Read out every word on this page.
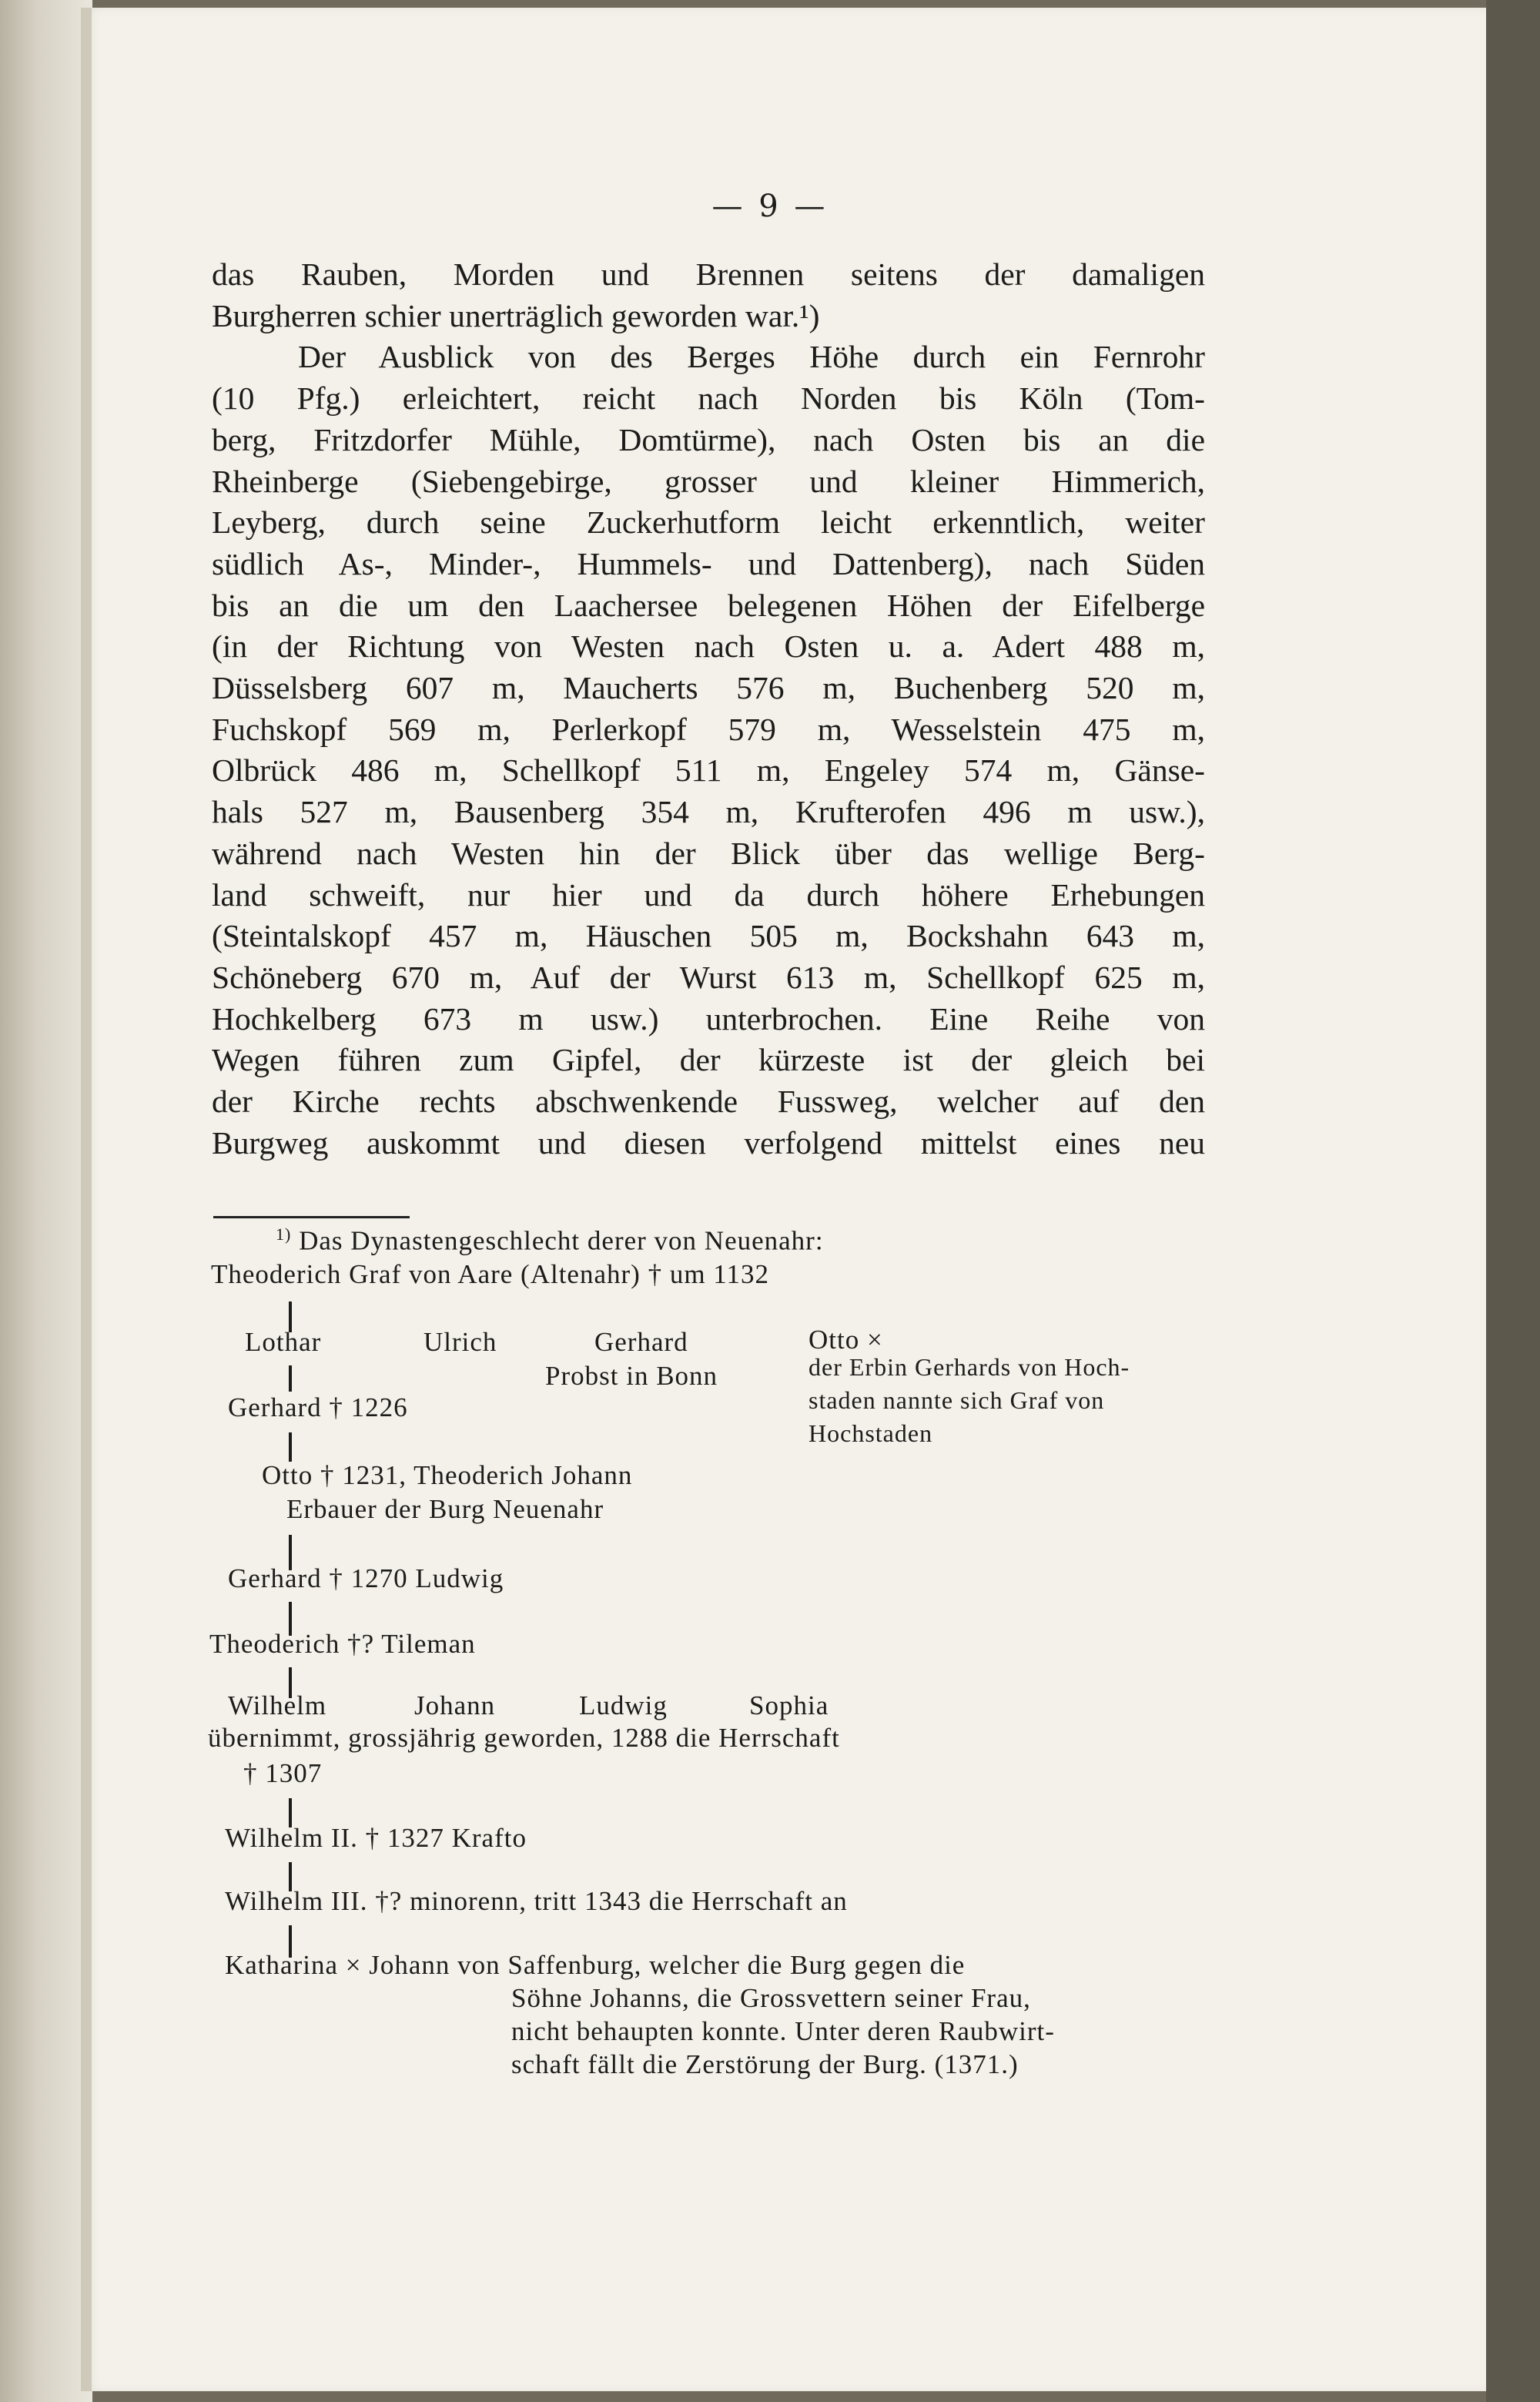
— 9 —

das Rauben, Morden und Brennen seitens der damaligen

Burgherren schier unerträglich geworden war.¹)

Der Ausblick von des Berges Höhe durch ein Fernrohr

(10 Pfg.) erleichtert, reicht nach Norden bis Köln (Tom-

berg, Fritzdorfer Mühle, Domtürme), nach Osten bis an die

Rheinberge (Siebengebirge, grosser und kleiner Himmerich,

Leyberg, durch seine Zuckerhutform leicht erkenntlich, weiter

südlich As-, Minder-, Hummels- und Dattenberg), nach Süden

bis an die um den Laachersee belegenen Höhen der Eifelberge

(in der Richtung von Westen nach Osten u. a. Adert 488 m,

Düsselsberg 607 m, Maucherts 576 m, Buchenberg 520 m,

Fuchskopf 569 m, Perlerkopf 579 m, Wesselstein 475 m,

Olbrück 486 m, Schellkopf 511 m, Engeley 574 m, Gänse-

hals 527 m, Bausenberg 354 m, Krufterofen 496 m usw.),

während nach Westen hin der Blick über das wellige Berg-

land schweift, nur hier und da durch höhere Erhebungen

(Steintalskopf 457 m, Häuschen 505 m, Bockshahn 643 m,

Schöneberg 670 m, Auf der Wurst 613 m, Schellkopf 625 m,

Hochkelberg 673 m usw.) unterbrochen. Eine Reihe von

Wegen führen zum Gipfel, der kürzeste ist der gleich bei

der Kirche rechts abschwenkende Fussweg, welcher auf den

Burgweg auskommt und diesen verfolgend mittelst eines neu

$^{1)}$ Das Dynastengeschlecht derer von Neuenahr:
Theoderich Graf von Aare (Altenahr) † um 1132
Lothar	Ulrich	Gerhard
Probst in Bonn
Otto ×
der Erbin Gerhards von Hoch-
staden nannte sich Graf von
Hochstaden
Gerhard † 1226
Otto † 1231, Theoderich Johann
Erbauer der Burg Neuenahr
Gerhard † 1270 Ludwig
Theoderich †? Tileman
Wilhelm	Johann	Ludwig	Sophia
übernimmt, grossjährig geworden, 1288 die Herrschaft
† 1307
Wilhelm II. † 1327 Krafto
Wilhelm III. †? minorenn, tritt 1343 die Herrschaft an
Katharina × Johann von Saffenburg, welcher die Burg gegen die
Söhne Johanns, die Grossvettern seiner Frau,
nicht behaupten konnte. Unter deren Raubwirt-
schaft fällt die Zerstörung der Burg. (1371.)
